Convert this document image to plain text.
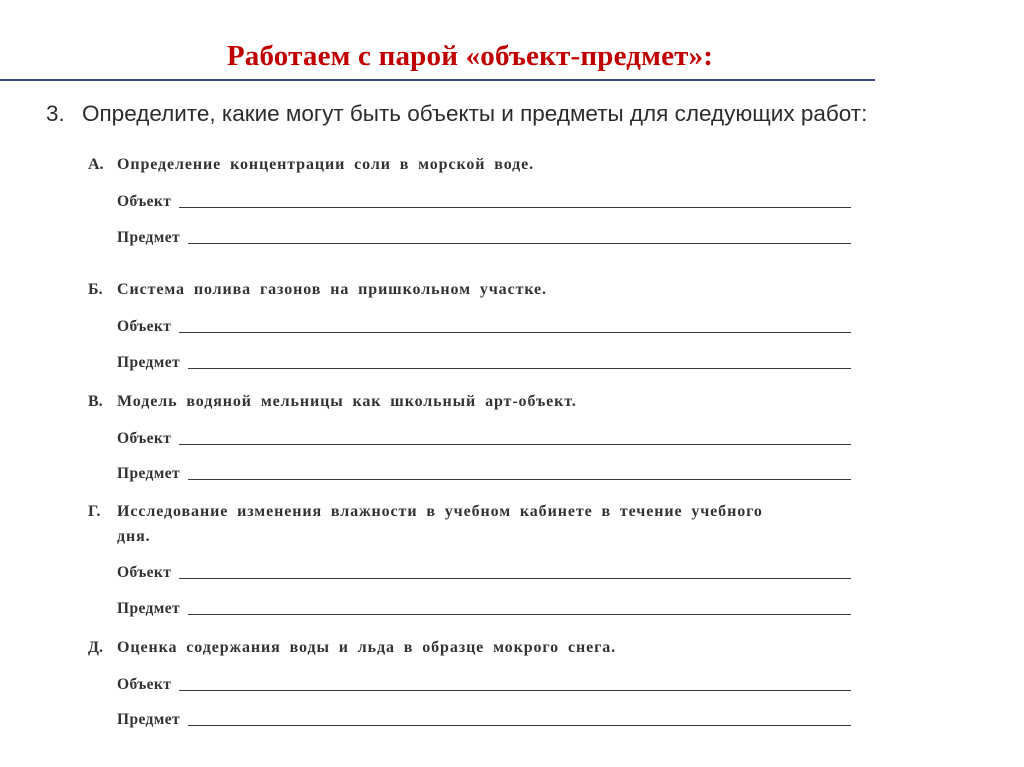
Работаем с парой «объект-предмет»:
3. Определите, какие могут быть объекты и предметы для следующих работ:
А. Определение концентрации соли в морской воде.
Объект
Предмет
Б. Система полива газонов на пришкольном участке.
Объект
Предмет
В. Модель водяной мельницы как школьный арт-объект.
Объект
Предмет
Г. Исследование изменения влажности в учебном кабинете в течение учебного
дня.
Объект
Предмет
Д. Оценка содержания воды и льда в образце мокрого снега.
Объект
Предмет
